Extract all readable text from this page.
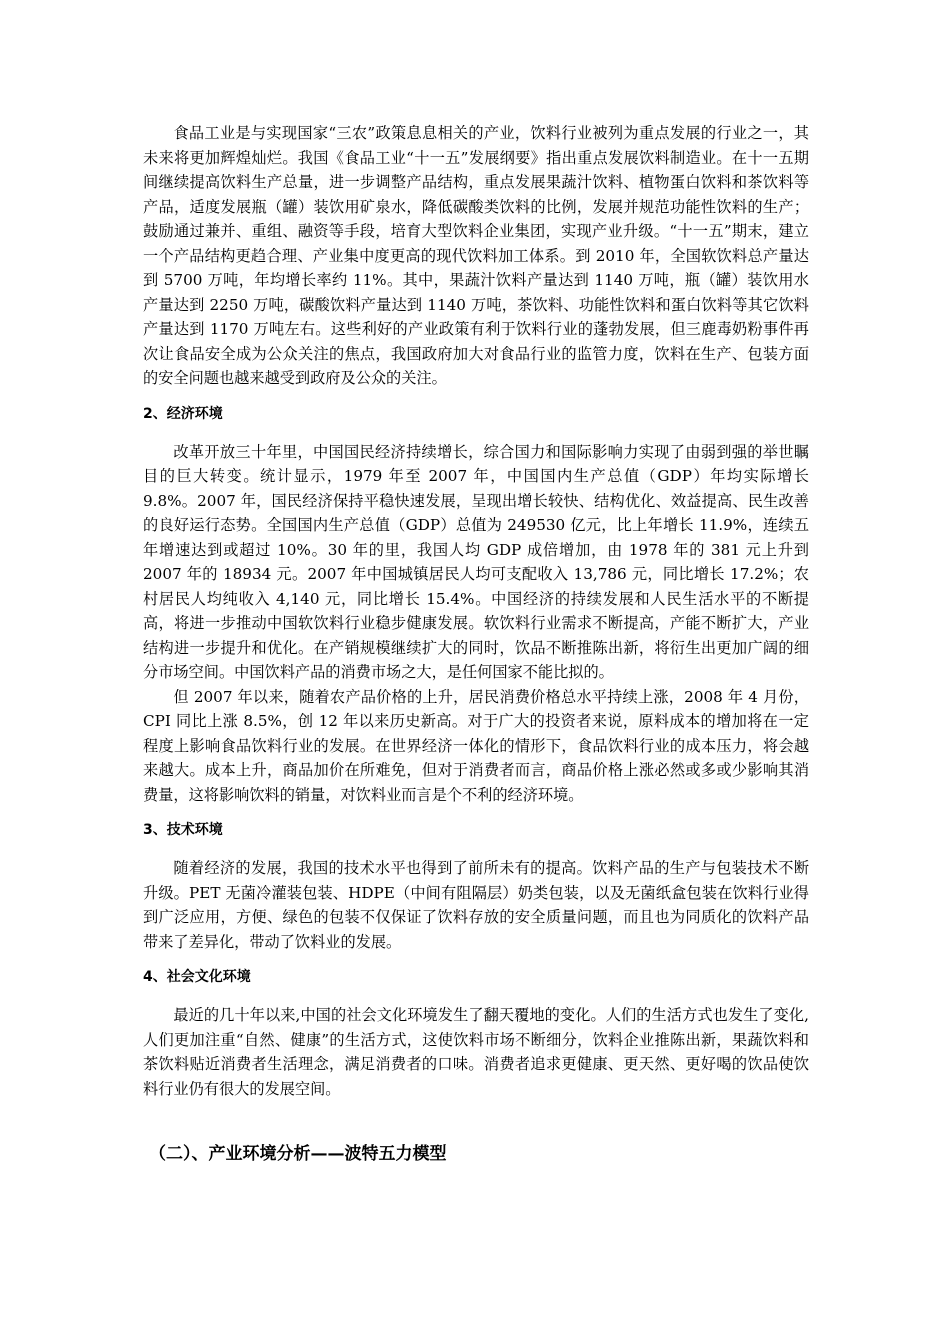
食品工业是与实现国家“三农”政策息息相关的产业，饮料行业被列为重点发展的行业之一，其未来将更加辉煌灿烂。我国《食品工业“十一五”发展纲要》指出重点发展饮料制造业。在十一五期间继续提高饮料生产总量，进一步调整产品结构，重点发展果蔬汁饮料、植物蛋白饮料和茶饮料等产品，适度发展瓶（罐）装饮用矿泉水，降低碳酸类饮料的比例，发展并规范功能性饮料的生产；鼓励通过兼并、重组、融资等手段，培育大型饮料企业集团，实现产业升级。“十一五”期末，建立一个产品结构更趋合理、产业集中度更高的现代饮料加工体系。到 2010 年，全国软饮料总产量达到 5700 万吨，年均增长率约 11%。其中，果蔬汁饮料产量达到 1140 万吨，瓶（罐）装饮用水产量达到 2250 万吨，碳酸饮料产量达到 1140 万吨，茶饮料、功能性饮料和蛋白饮料等其它饮料产量达到 1170 万吨左右。这些利好的产业政策有利于饮料行业的蓬勃发展，但三鹿毒奶粉事件再次让食品安全成为公众关注的焦点，我国政府加大对食品行业的监管力度，饮料在生产、包装方面的安全问题也越来越受到政府及公众的关注。

2、经济环境

改革开放三十年里，中国国民经济持续增长，综合国力和国际影响力实现了由弱到强的举世瞩目的巨大转变。统计显示，1979 年至 2007 年，中国国内生产总值（GDP）年均实际增长 9.8%。2007 年，国民经济保持平稳快速发展，呈现出增长较快、结构优化、效益提高、民生改善的良好运行态势。全国国内生产总值（GDP）总值为 249530 亿元，比上年增长 11.9%，连续五年增速达到或超过 10%。30 年的里，我国人均 GDP 成倍增加，由 1978 年的 381 元上升到 2007 年的 18934 元。2007 年中国城镇居民人均可支配收入 13,786 元，同比增长 17.2%；农村居民人均纯收入 4,140 元，同比增长 15.4%。中国经济的持续发展和人民生活水平的不断提高，将进一步推动中国软饮料行业稳步健康发展。软饮料行业需求不断提高，产能不断扩大，产业结构进一步提升和优化。在产销规模继续扩大的同时，饮品不断推陈出新，将衍生出更加广阔的细分市场空间。中国饮料产品的消费市场之大，是任何国家不能比拟的。

但 2007 年以来，随着农产品价格的上升，居民消费价格总水平持续上涨，2008 年 4 月份，CPI 同比上涨 8.5%，创 12 年以来历史新高。对于广大的投资者来说，原料成本的增加将在一定程度上影响食品饮料行业的发展。在世界经济一体化的情形下，食品饮料行业的成本压力，将会越来越大。成本上升，商品加价在所难免，但对于消费者而言，商品价格上涨必然或多或少影响其消费量，这将影响饮料的销量，对饮料业而言是个不利的经济环境。

3、技术环境

随着经济的发展，我国的技术水平也得到了前所未有的提高。饮料产品的生产与包装技术不断升级。PET 无菌冷灌装包装、HDPE（中间有阻隔层）奶类包装，以及无菌纸盒包装在饮料行业得到广泛应用，方便、绿色的包装不仅保证了饮料存放的安全质量问题，而且也为同质化的饮料产品带来了差异化，带动了饮料业的发展。

4、社会文化环境

最近的几十年以来,中国的社会文化环境发生了翻天覆地的变化。人们的生活方式也发生了变化,人们更加注重“自然、健康”的生活方式，这使饮料市场不断细分，饮料企业推陈出新，果蔬饮料和茶饮料贴近消费者生活理念，满足消费者的口味。消费者追求更健康、更天然、更好喝的饮品使饮料行业仍有很大的发展空间。

（二）、产业环境分析——波特五力模型
